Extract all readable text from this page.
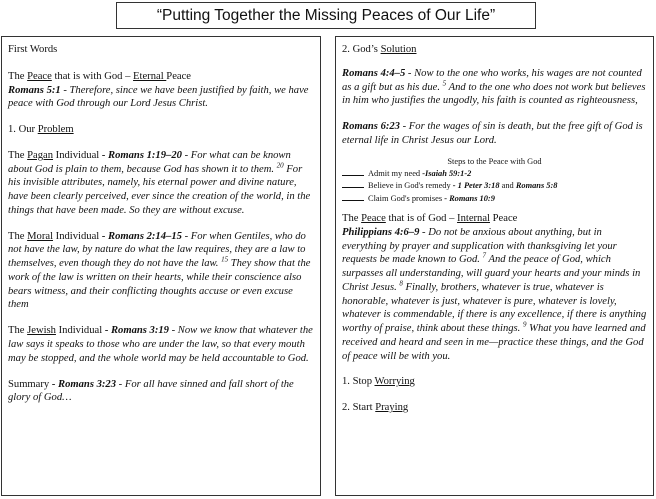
“Putting Together the Missing Peaces of Our Life”

First Words

The Peace that is with God – Eternal Peace

Romans 5:1 - Therefore, since we have been justified by faith, we have peace with God through our Lord Jesus Christ.

1. Our Problem

The Pagan Individual - Romans 1:19–20 - For what can be known about God is plain to them, because God has shown it to them. $^{20}$ For his invisible attributes, namely, his eternal power and divine nature, have been clearly perceived, ever since the creation of the world, in the things that have been made. So they are without excuse.

The Moral Individual - Romans 2:14–15 - For when Gentiles, who do not have the law, by nature do what the law requires, they are a law to themselves, even though they do not have the law. $^{15}$ They show that the work of the law is written on their hearts, while their conscience also bears witness, and their conflicting thoughts accuse or even excuse them

The Jewish Individual - Romans 3:19 - Now we know that whatever the law says it speaks to those who are under the law, so that every mouth may be stopped, and the whole world may be held accountable to God.

Summary - Romans 3:23 - For all have sinned and fall short of the glory of God…

2. God’s Solution

Romans 4:4–5 - Now to the one who works, his wages are not counted as a gift but as his due. $^5$ And to the one who does not work but believes in him who justifies the ungodly, his faith is counted as righteousness,

Romans 6:23 - For the wages of sin is death, but the free gift of God is eternal life in Christ Jesus our Lord.

Steps to the Peace with God

Admit my need -Isaiah 59:1-2

Believe in God's remedy - 1 Peter 3:18 and Romans 5:8

Claim God's promises - Romans 10:9

The Peace that is of God – Internal Peace

Philippians 4:6–9 - Do not be anxious about anything, but in everything by prayer and supplication with thanksgiving let your requests be made known to God. $^7$ And the peace of God, which surpasses all understanding, will guard your hearts and your minds in Christ Jesus. $^8$ Finally, brothers, whatever is true, whatever is honorable, whatever is just, whatever is pure, whatever is lovely, whatever is commendable, if there is any excellence, if there is anything worthy of praise, think about these things. $^9$ What you have learned and received and heard and seen in me—practice these things, and the God of peace will be with you.

1. Stop Worrying

2. Start Praying
